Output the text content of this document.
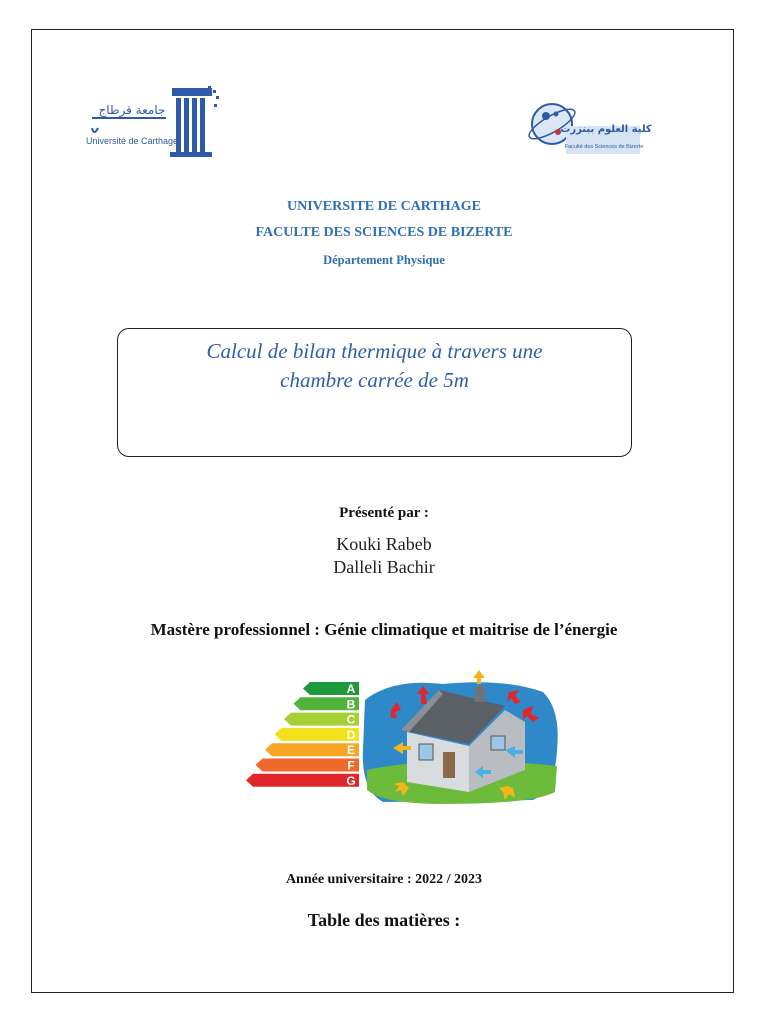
جامعة قرطاج
Université de Carthage
كلية العلوم ببنزرت
Faculté des Sciences de Bizerte
UNIVERSITE DE CARTHAGE
FACULTE DES SCIENCES DE BIZERTE
Département Physique
Calcul de bilan thermique à travers une
chambre carrée de 5m
Présenté par :
Kouki Rabeb
Dalleli Bachir
Mastère professionnel : Génie climatique et maitrise de l’énergie
A
B
C
D
E
F
G
Année universitaire : 2022 / 2023
Table des matières :
